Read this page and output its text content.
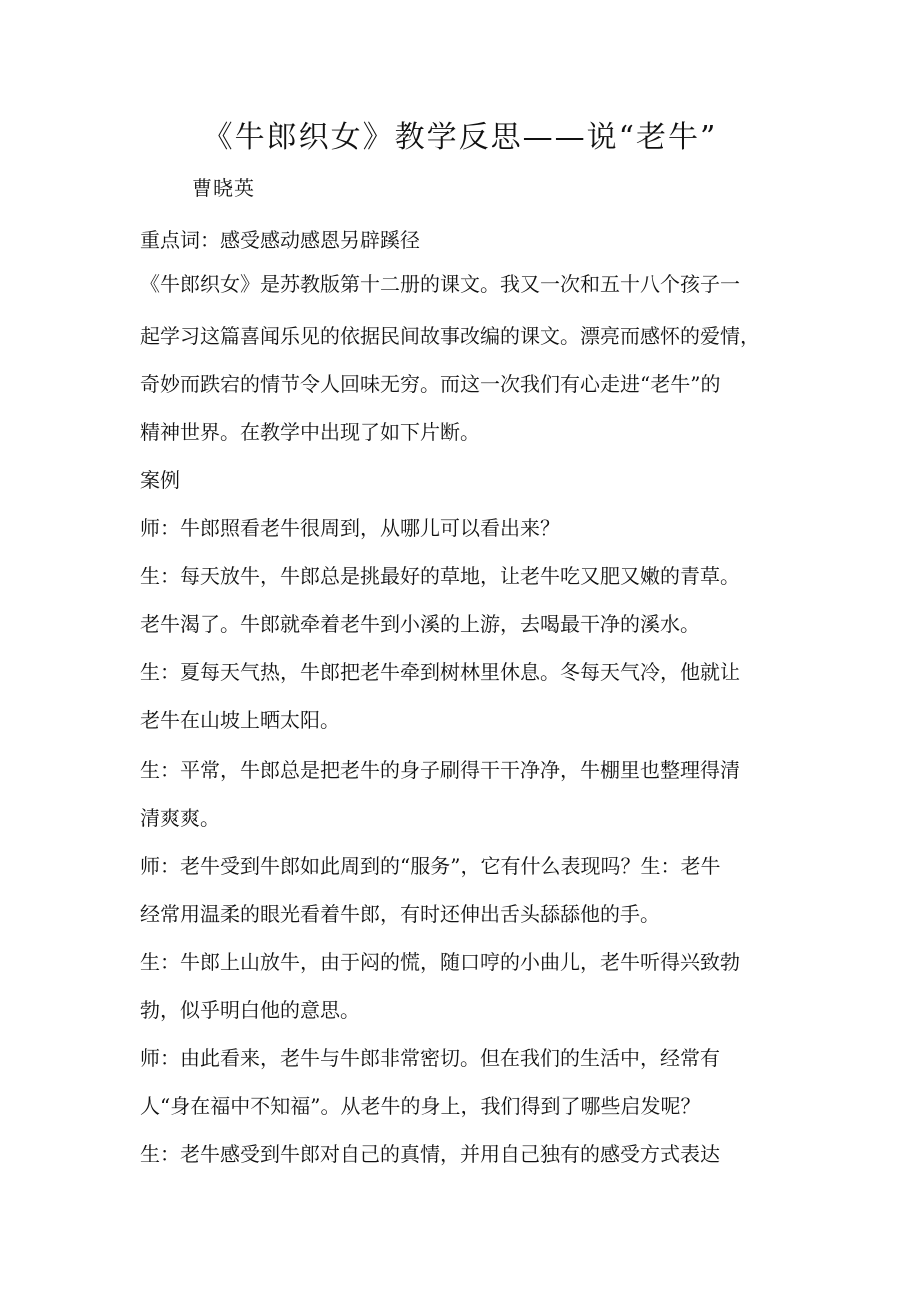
《牛郎织女》教学反思——说“老牛”
曹晓英
重点词：感受感动感恩另辟蹊径
《牛郎织女》是苏教版第十二册的课文。我又一次和五十八个孩子一
起学习这篇喜闻乐见的依据民间故事改编的课文。漂亮而感怀的爱情，
奇妙而跌宕的情节令人回味无穷。而这一次我们有心走进“老牛”的
精神世界。在教学中出现了如下片断。
案例
师：牛郎照看老牛很周到，从哪儿可以看出来？
生：每天放牛，牛郎总是挑最好的草地，让老牛吃又肥又嫩的青草。
老牛渴了。牛郎就牵着老牛到小溪的上游，去喝最干净的溪水。
生：夏每天气热，牛郎把老牛牵到树林里休息。冬每天气冷，他就让
老牛在山坡上晒太阳。
生：平常，牛郎总是把老牛的身子刷得干干净净，牛棚里也整理得清
清爽爽。
师：老牛受到牛郎如此周到的“服务”，它有什么表现吗？生：老牛
经常用温柔的眼光看着牛郎，有时还伸出舌头舔舔他的手。
生：牛郎上山放牛，由于闷的慌，随口哼的小曲儿，老牛听得兴致勃
勃，似乎明白他的意思。
师：由此看来，老牛与牛郎非常密切。但在我们的生活中，经常有
人“身在福中不知福”。从老牛的身上，我们得到了哪些启发呢？
生：老牛感受到牛郎对自己的真情，并用自己独有的感受方式表达
